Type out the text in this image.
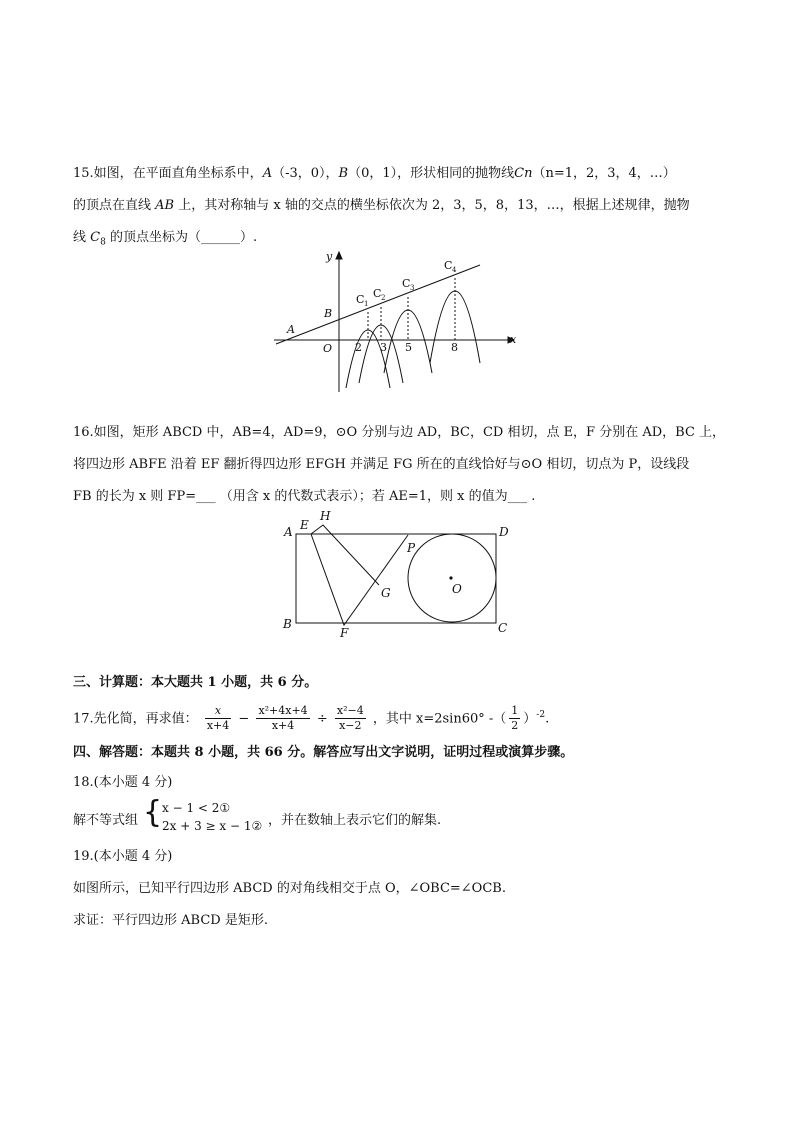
15.如图，在平面直角坐标系中，A（-3，0），B（0，1），形状相同的抛物线Cn（n=1，2，3，4，…）
的顶点在直线 AB 上，其对称轴与 x 轴的交点的横坐标依次为 2，3，5，8，13，…，根据上述规律，抛物
线 $C_8$ 的顶点坐标为（______）.
y
x
A
B
O
C 1
C 2
C 3
C 4
2 3 5	8
16.如图，矩形 ABCD 中，AB=4，AD=9，⊙O 分别与边 AD，BC，CD 相切，点 E，F 分别在 AD，BC 上，
将四边形 ABFE 沿着 EF 翻折得四边形 EFGH 并满足 FG 所在的直线恰好与⊙O 相切，切点为 P，设线段
FB 的长为 x 则 FP=___ （用含 x 的代数式表示）；若 AE=1，则 x 的值为___ .
A
B	C
D
E
F
G
H
P
O
三、计算题：本大题共 1 小题，共 6 分。
17.先化简，再求值： $\frac{x}{x+4} - \frac{\text{x²+4x+4}}{x+4} \div \frac{\text{x²−4}}{x-2}$ ，其中 x=2sin60° -（ $\frac{1}{2} )^{-2}$.
四、解答题：本题共 8 小题，共 66 分。解答应写出文字说明，证明过程或演算步骤。
18.(本小题 4 分)
解不等式组 { x − 1 < 2①
2x + 3 ≥ x − 1② ，并在数轴上表示它们的解集.
19.(本小题 4 分)
如图所示，已知平行四边形 ABCD 的对角线相交于点 O，∠OBC=∠OCB.
求证：平行四边形 ABCD 是矩形.
